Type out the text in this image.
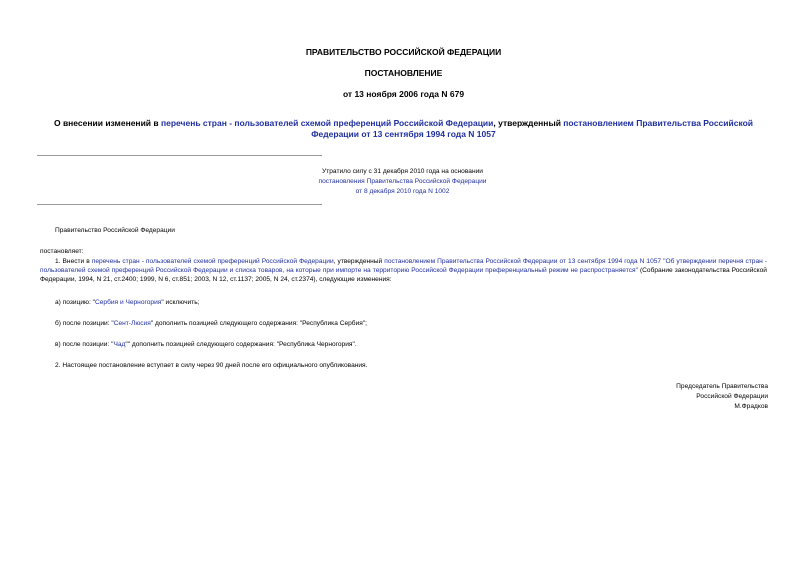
ПРАВИТЕЛЬСТВО РОССИЙСКОЙ ФЕДЕРАЦИИ
ПОСТАНОВЛЕНИЕ
от 13 ноября 2006 года N 679
О внесении изменений в перечень стран - пользователей схемой преференций Российской Федерации, утвержденный постановлением Правительства Российской Федерации от 13 сентября 1994 года N 1057
Утратило силу с 31 декабря 2010 года на основании
постановления Правительства Российской Федерации
от 8 декабря 2010 года N 1002
Правительство Российской Федерации
постановляет:
1. Внести в перечень стран - пользователей схемой преференций Российской Федерации, утвержденный постановлением Правительства Российской Федерации от 13 сентября 1994 года N 1057 "Об утверждении перечня стран - пользователей схемой преференций Российской Федерации и списка товаров, на которые при импорте на территорию Российской Федерации преференциальный режим не распространяется" (Собрание законодательства Российской Федерации, 1994, N 21, ст.2400; 1999, N 6, ст.851; 2003, N 12, ст.1137; 2005, N 24, ст.2374), следующие изменения:
а) позицию: "Сербия и Черногория" исключить;
б) после позиции: "Сент-Люсия" дополнить позицией следующего содержания: "Республика Сербия";
в) после позиции: "Чад"" дополнить позицией следующего содержания: "Республика Черногория".
2. Настоящее постановление вступает в силу через 90 дней после его официального опубликования.
Председатель Правительства
Российской Федерации
М.Фрадков
